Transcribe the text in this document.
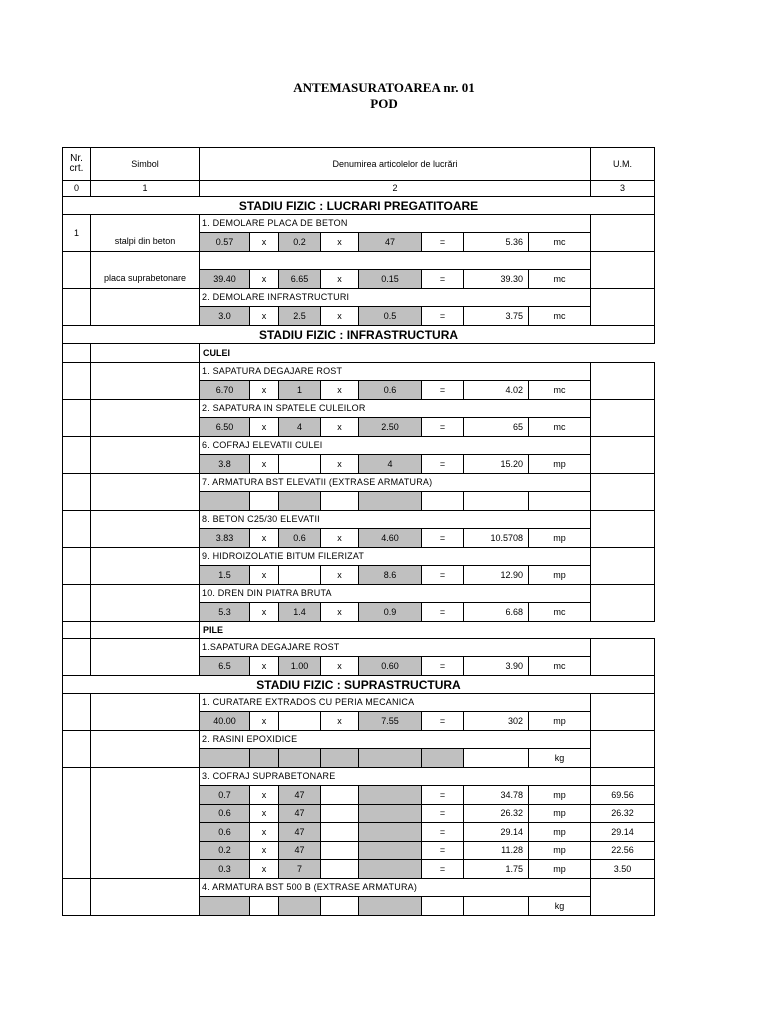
ANTEMASURATOAREA nr. 01
POD
Nr. crt.	Simbol	Denumirea articolelor de lucrări								U.M.
0	1	2								3
STADIU FIZIC : LUCRARI PREGATITOARE										
1	stalpi din beton	1. DEMOLARE PLACA DE BETON								
		0.57	x	0.2	x	47	=	5.36	mc	
	placa suprabetonare									
		39.40	x	6.65	x	0.15	=	39.30	mc	
		2. DEMOLARE INFRASTRUCTURI								
		3.0	x	2.5	x	0.5	=	3.75	mc	
STADIU FIZIC : INFRASTRUCTURA										
		CULEI								
		1. SAPATURA DEGAJARE ROST								
		6.70	x	1	x	0.6	=	4.02	mc	
		2. SAPATURA IN SPATELE CULEILOR								
		6.50	x	4	x	2.50	=	65	mc	
		6. COFRAJ ELEVATII CULEI								
		3.8	x		x	4	=	15.20	mp	
		7. ARMATURA BST ELEVATII (EXTRASE ARMATURA)								

		8. BETON C25/30 ELEVATII								
		3.83	x	0.6	x	4.60	=	10.5708	mp	
		9. HIDROIZOLATIE BITUM FILERIZAT								
		1.5	x		x	8.6	=	12.90	mp	
		10. DREN DIN PIATRA BRUTA								
		5.3	x	1.4	x	0.9	=	6.68	mc	
		PILE								
		1.SAPATURA DEGAJARE ROST								
		6.5	x	1.00	x	0.60	=	3.90	mc	
STADIU FIZIC : SUPRASTRUCTURA										
		1. CURATARE EXTRADOS CU PERIA MECANICA								
		40.00	x		x	7.55	=	302	mp	
		2. RASINI EPOXIDICE								
									kg	
		3. COFRAJ SUPRABETONARE								
		0.7	x	47			=	34.78	mp	69.56
		0.6	x	47			=	26.32	mp	26.32
		0.6	x	47			=	29.14	mp	29.14
		0.2	x	47			=	11.28	mp	22.56
		0.3	x	7			=	1.75	mp	3.50
		4. ARMATURA BST 500 B (EXTRASE ARMATURA)								
									kg	
